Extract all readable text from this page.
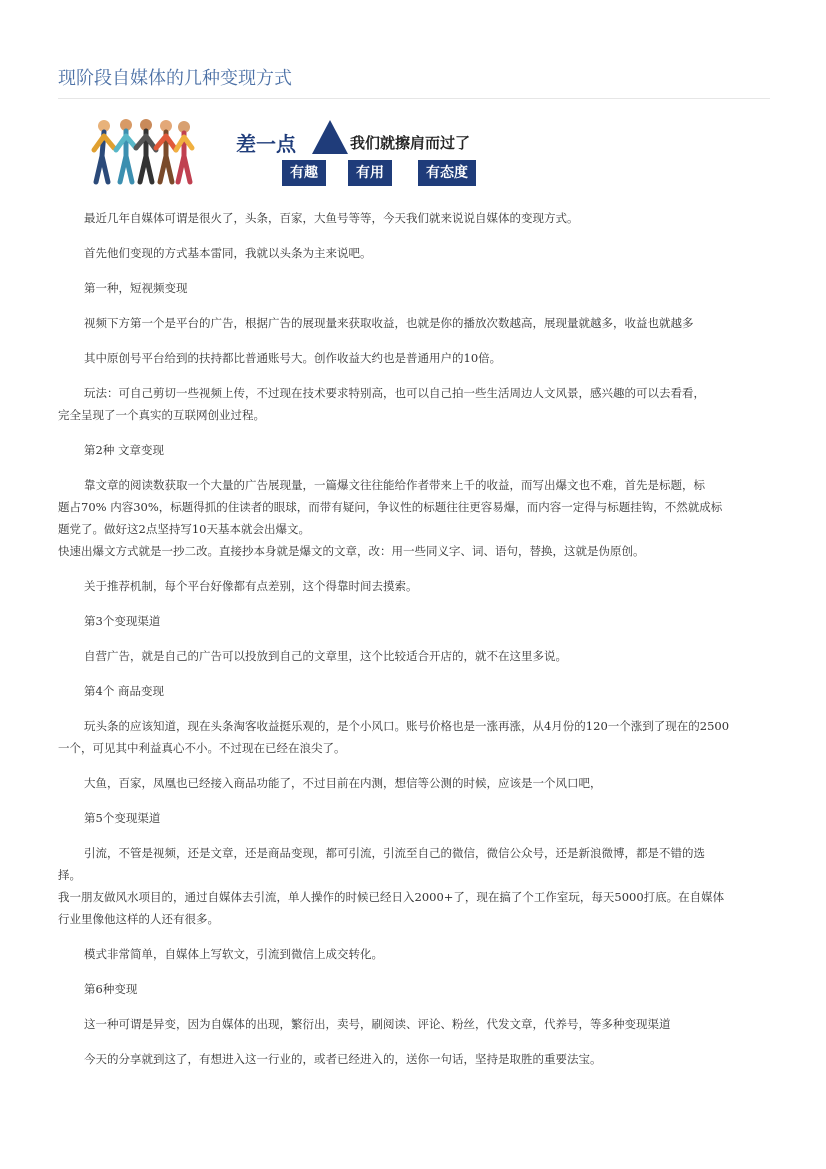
现阶段自媒体的几种变现方式
差一点	我们就擦肩而过了
有趣	有用	有态度
最近几年自媒体可谓是很火了，头条，百家，大鱼号等等，今天我们就来说说自媒体的变现方式。
首先他们变现的方式基本雷同，我就以头条为主来说吧。
第一种，短视频变现
视频下方第一个是平台的广告，根据广告的展现量来获取收益，也就是你的播放次数越高，展现量就越多，收益也就越多
其中原创号平台给到的扶持都比普通账号大。创作收益大约也是普通用户的10倍。
玩法：可自己剪切一些视频上传，不过现在技术要求特别高，也可以自己拍一些生活周边人文风景，感兴趣的可以去看看，
完全呈现了一个真实的互联网创业过程。
第2种 文章变现
靠文章的阅读数获取一个大量的广告展现量，一篇爆文往往能给作者带来上千的收益，而写出爆文也不难，首先是标题，标
题占70% 内容30%，标题得抓的住读者的眼球，而带有疑问，争议性的标题往往更容易爆，而内容一定得与标题挂钩，不然就成标
题党了。做好这2点坚持写10天基本就会出爆文。
快速出爆文方式就是一抄二改。直接抄本身就是爆文的文章，改：用一些同义字、词、语句，替换，这就是伪原创。
关于推荐机制，每个平台好像都有点差别，这个得靠时间去摸索。
第3个变现渠道
自营广告，就是自己的广告可以投放到自己的文章里，这个比较适合开店的，就不在这里多说。
第4个 商品变现
玩头条的应该知道，现在头条淘客收益挺乐观的，是个小风口。账号价格也是一涨再涨，从4月份的120一个涨到了现在的2500
一个，可见其中利益真心不小。不过现在已经在浪尖了。
大鱼，百家，凤凰也已经接入商品功能了，不过目前在内测，想信等公测的时候，应该是一个风口吧，
第5个变现渠道
引流，不管是视频，还是文章，还是商品变现，都可引流，引流至自己的微信，微信公众号，还是新浪微博，都是不错的选
择。
我一朋友做风水项目的，通过自媒体去引流，单人操作的时候已经日入2000+了，现在搞了个工作室玩，每天5000打底。在自媒体
行业里像他这样的人还有很多。
模式非常简单，自媒体上写软文，引流到微信上成交转化。
第6种变现
这一种可谓是异变，因为自媒体的出现，繁衍出，卖号，刷阅读、评论、粉丝，代发文章，代养号，等多种变现渠道
今天的分享就到这了，有想进入这一行业的，或者已经进入的，送你一句话，坚持是取胜的重要法宝。
